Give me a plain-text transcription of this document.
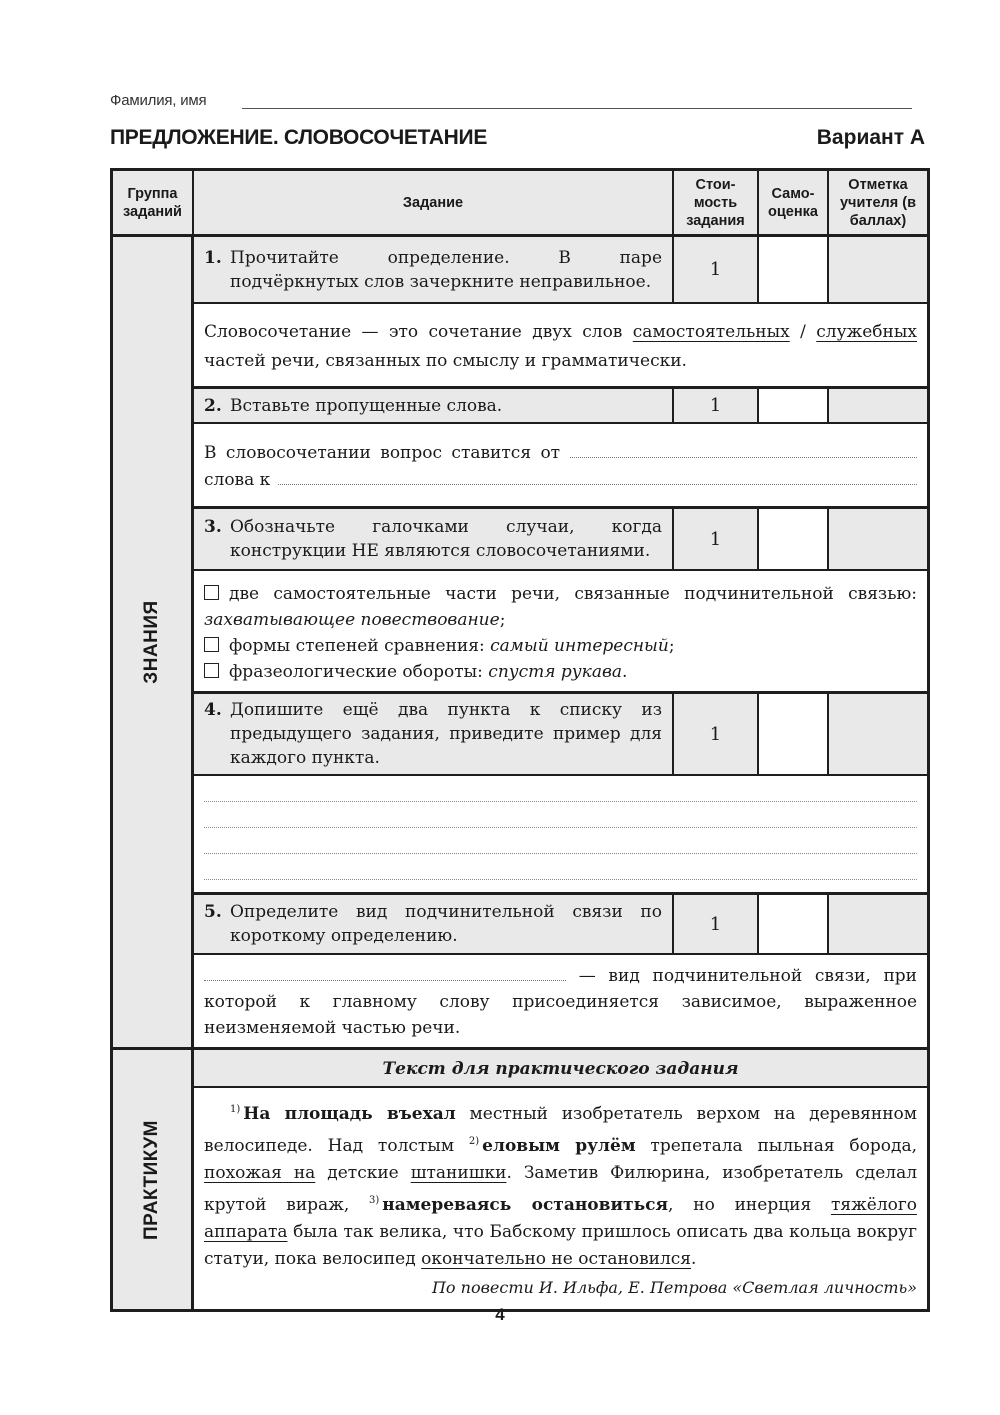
Фамилия, имя
ПРЕДЛОЖЕНИЕ. СЛОВОСОЧЕТАНИЕ	Вариант А
Группа заданий
Задание
Стои-мость задания
Само-оценка
Отметка учителя (в баллах)
ЗНАНИЯ
1. Прочитайте определение. В паре подчёркнутых слов зачеркните неправильное.
1
Словосочетание — это сочетание двух слов самостоятельных / служебных частей речи, связанных по смыслу и грамматически.
2. Вставьте пропущенные слова.	1
В словосочетании вопрос ставится от
слова к
3. Обозначьте галочками случаи, когда конструкции НЕ являются словосочетаниями.
1
две самостоятельные части речи, связанные подчинительной связью: захватывающее повествование;
формы степеней сравнения: самый интересный;
фразеологические обороты: спустя рукава.
4. Допишите ещё два пункта к списку из предыдущего задания, приведите пример для каждого пункта.
1
5. Определите вид подчинительной связи по короткому определению.
1
— вид подчинительной связи, при которой к главному слову присоединяется зависимое, выраженное неизменяемой частью речи.
ПРАКТИКУМ
Текст для практического задания

$^{1)}$ На площадь въехал местный изобретатель верхом на деревянном велосипеде. Над толстым $^{2)}$ еловым рулём трепетала пыльная борода, похожая на детские штанишки. Заметив Филюрина, изобретатель сделал крутой вираж, $^{3)}$ намереваясь остановиться, но инерция тяжёлого аппарата была так велика, что Бабскому пришлось описать два кольца вокруг статуи, пока велосипед окончательно не остановился.

По повести И. Ильфа, Е. Петрова «Светлая личность»
4
